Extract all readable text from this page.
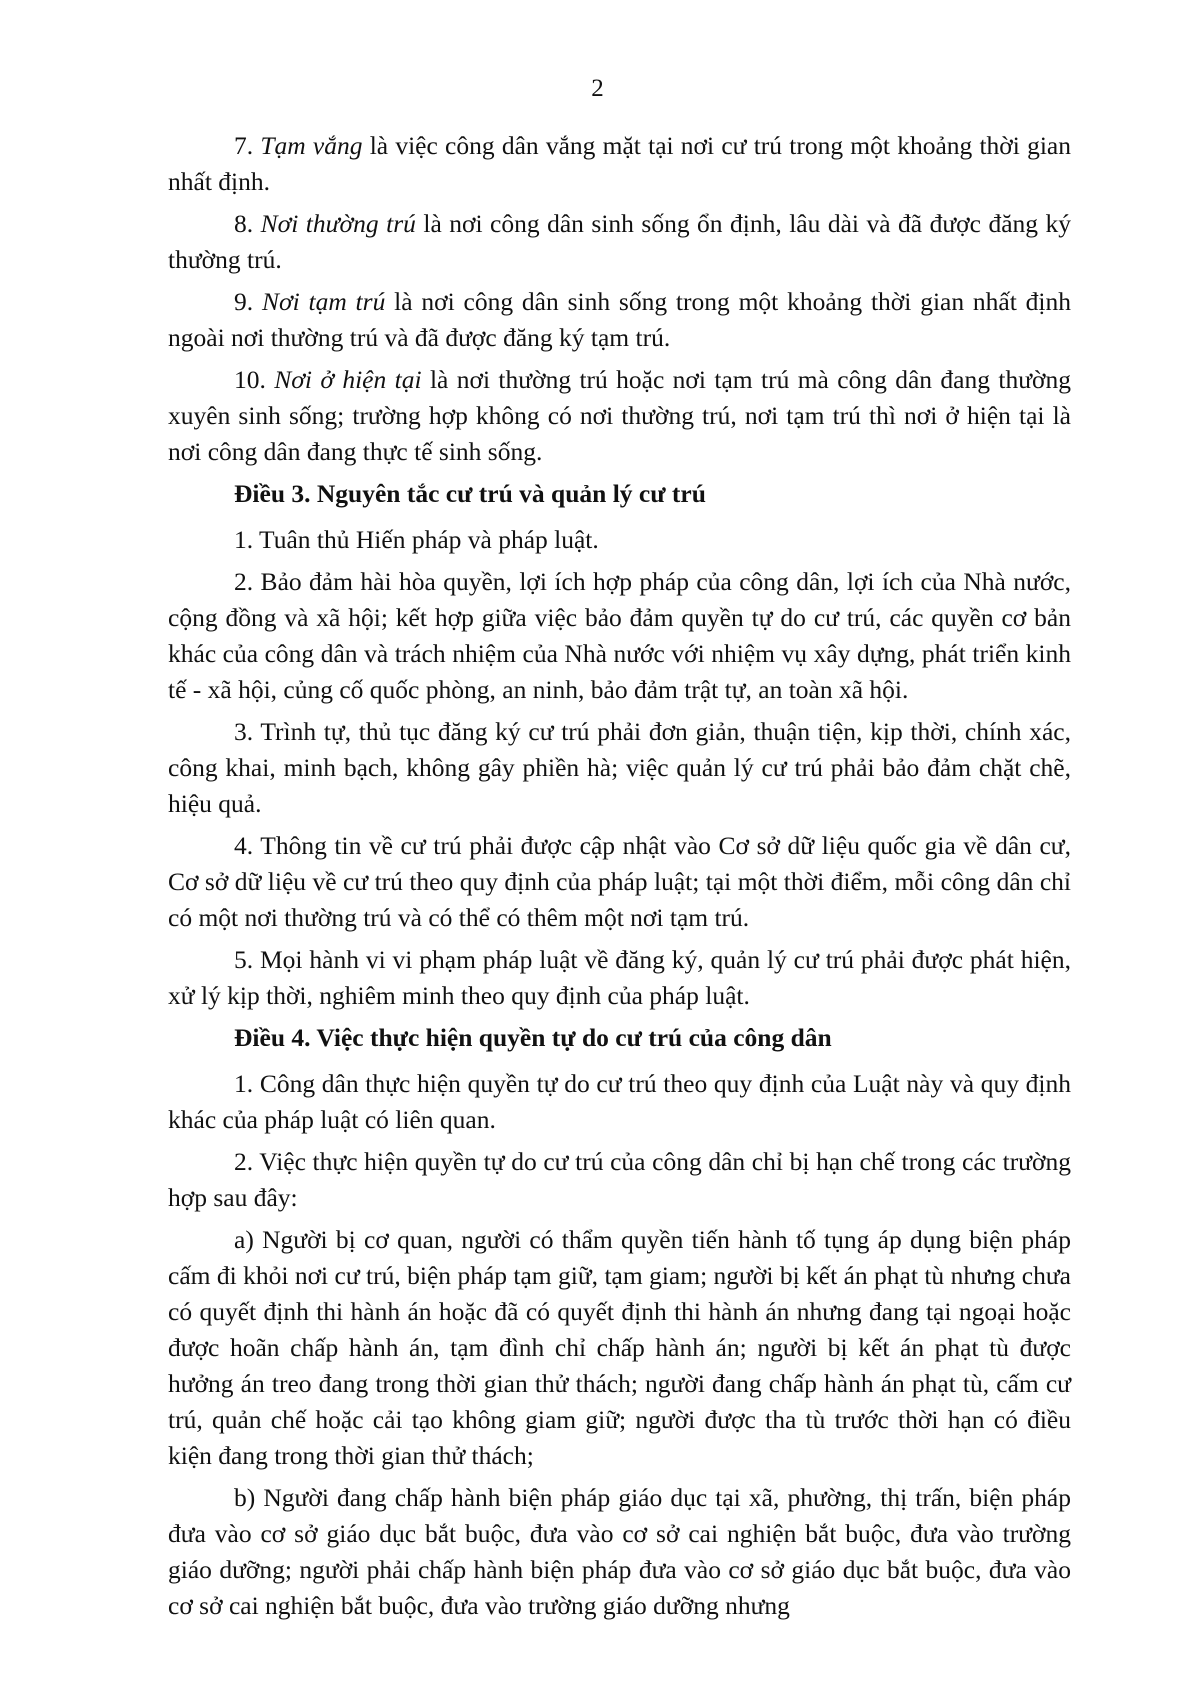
2

7. Tạm vắng là việc công dân vắng mặt tại nơi cư trú trong một khoảng thời gian nhất định.

8. Nơi thường trú là nơi công dân sinh sống ổn định, lâu dài và đã được đăng ký thường trú.

9. Nơi tạm trú là nơi công dân sinh sống trong một khoảng thời gian nhất định ngoài nơi thường trú và đã được đăng ký tạm trú.

10. Nơi ở hiện tại là nơi thường trú hoặc nơi tạm trú mà công dân đang thường xuyên sinh sống; trường hợp không có nơi thường trú, nơi tạm trú thì nơi ở hiện tại là nơi công dân đang thực tế sinh sống.

Điều 3. Nguyên tắc cư trú và quản lý cư trú

1. Tuân thủ Hiến pháp và pháp luật.

2. Bảo đảm hài hòa quyền, lợi ích hợp pháp của công dân, lợi ích của Nhà nước, cộng đồng và xã hội; kết hợp giữa việc bảo đảm quyền tự do cư trú, các quyền cơ bản khác của công dân và trách nhiệm của Nhà nước với nhiệm vụ xây dựng, phát triển kinh tế - xã hội, củng cố quốc phòng, an ninh, bảo đảm trật tự, an toàn xã hội.

3. Trình tự, thủ tục đăng ký cư trú phải đơn giản, thuận tiện, kịp thời, chính xác, công khai, minh bạch, không gây phiền hà; việc quản lý cư trú phải bảo đảm chặt chẽ, hiệu quả.

4. Thông tin về cư trú phải được cập nhật vào Cơ sở dữ liệu quốc gia về dân cư, Cơ sở dữ liệu về cư trú theo quy định của pháp luật; tại một thời điểm, mỗi công dân chỉ có một nơi thường trú và có thể có thêm một nơi tạm trú.

5. Mọi hành vi vi phạm pháp luật về đăng ký, quản lý cư trú phải được phát hiện, xử lý kịp thời, nghiêm minh theo quy định của pháp luật.

Điều 4. Việc thực hiện quyền tự do cư trú của công dân

1. Công dân thực hiện quyền tự do cư trú theo quy định của Luật này và quy định khác của pháp luật có liên quan.

2. Việc thực hiện quyền tự do cư trú của công dân chỉ bị hạn chế trong các trường hợp sau đây:

a) Người bị cơ quan, người có thẩm quyền tiến hành tố tụng áp dụng biện pháp cấm đi khỏi nơi cư trú, biện pháp tạm giữ, tạm giam; người bị kết án phạt tù nhưng chưa có quyết định thi hành án hoặc đã có quyết định thi hành án nhưng đang tại ngoại hoặc được hoãn chấp hành án, tạm đình chỉ chấp hành án; người bị kết án phạt tù được hưởng án treo đang trong thời gian thử thách; người đang chấp hành án phạt tù, cấm cư trú, quản chế hoặc cải tạo không giam giữ; người được tha tù trước thời hạn có điều kiện đang trong thời gian thử thách;

b) Người đang chấp hành biện pháp giáo dục tại xã, phường, thị trấn, biện pháp đưa vào cơ sở giáo dục bắt buộc, đưa vào cơ sở cai nghiện bắt buộc, đưa vào trường giáo dưỡng; người phải chấp hành biện pháp đưa vào cơ sở giáo dục bắt buộc, đưa vào cơ sở cai nghiện bắt buộc, đưa vào trường giáo dưỡng nhưng
